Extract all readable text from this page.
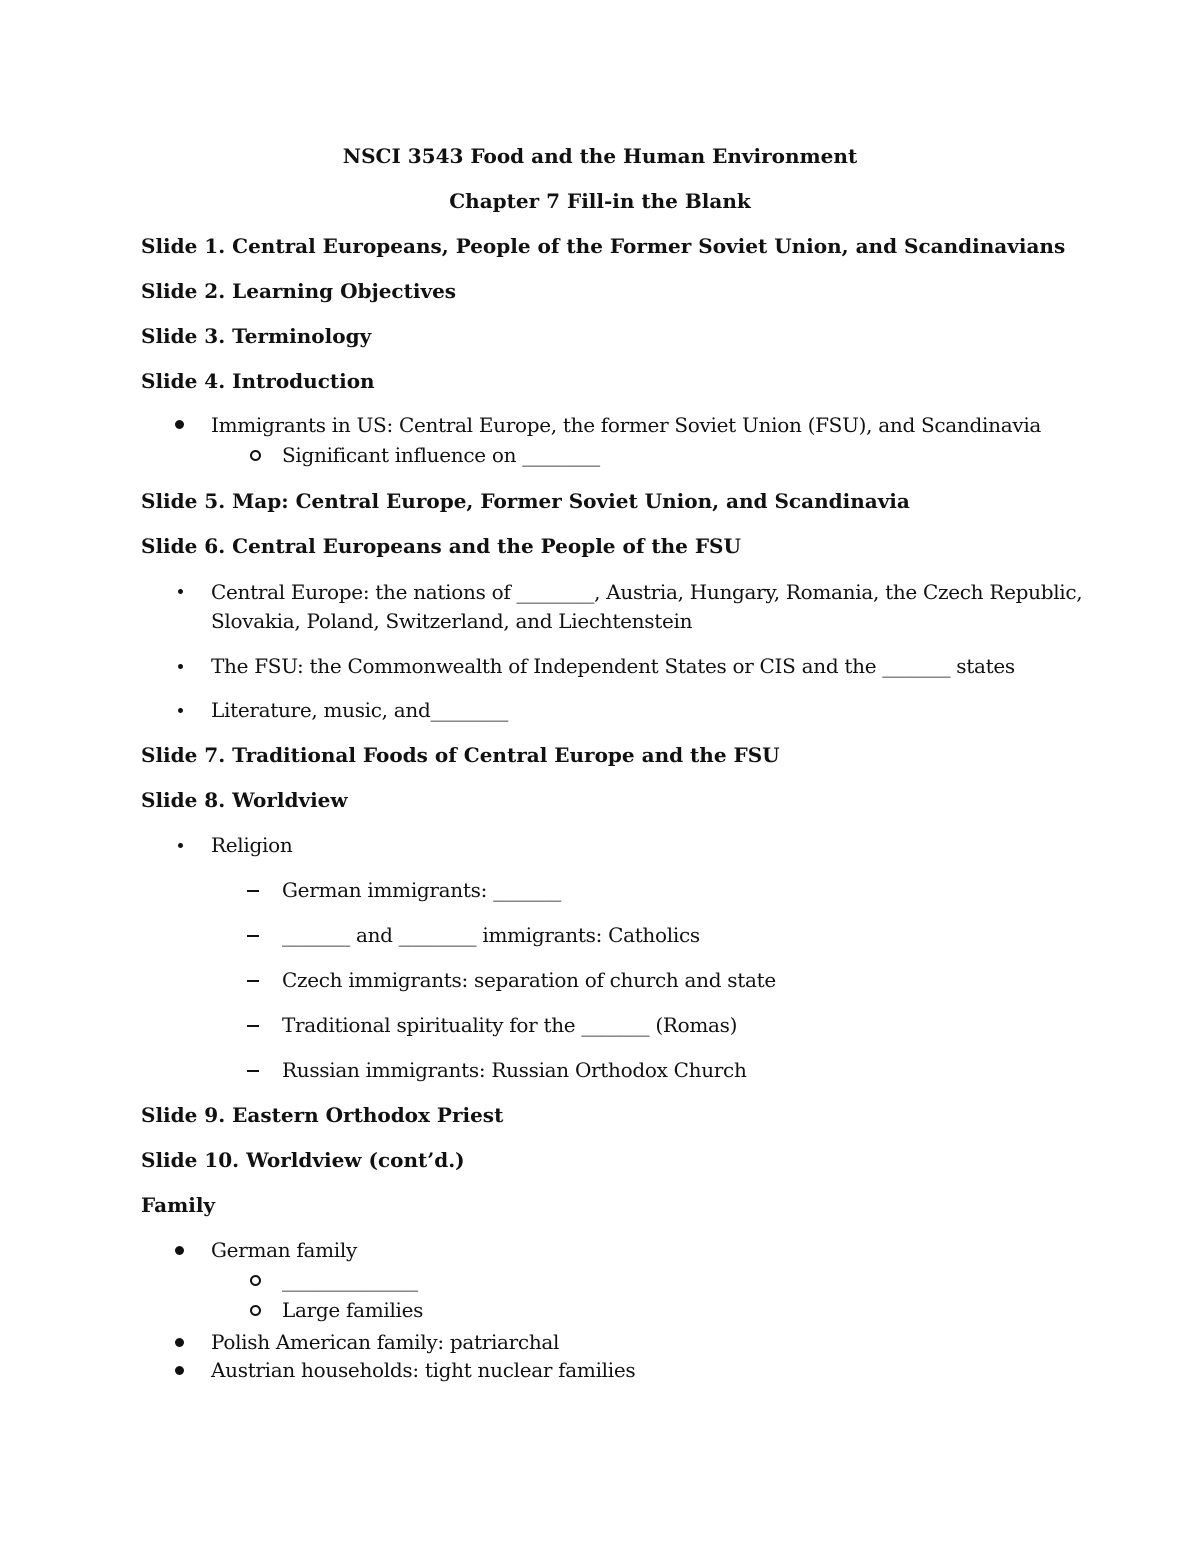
NSCI 3543 Food and the Human Environment
Chapter 7 Fill-in the Blank
Slide 1. Central Europeans, People of the Former Soviet Union, and Scandinavians
Slide 2. Learning Objectives
Slide 3. Terminology
Slide 4. Introduction
Immigrants in US: Central Europe, the former Soviet Union (FSU), and Scandinavia
Significant influence on ________
Slide 5. Map: Central Europe, Former Soviet Union, and Scandinavia
Slide 6. Central Europeans and the People of the FSU
Central Europe: the nations of ________, Austria, Hungary, Romania, the Czech Republic,
Slovakia, Poland, Switzerland, and Liechtenstein
The FSU: the Commonwealth of Independent States or CIS and the _______ states
Literature, music, and________
Slide 7. Traditional Foods of Central Europe and the FSU
Slide 8. Worldview
Religion
German immigrants: _______
_______ and ________ immigrants: Catholics
Czech immigrants: separation of church and state
Traditional spirituality for the _______ (Romas)
Russian immigrants: Russian Orthodox Church
Slide 9. Eastern Orthodox Priest
Slide 10. Worldview (cont’d.)
Family
German family
______________
Large families
Polish American family: patriarchal
Austrian households: tight nuclear families
